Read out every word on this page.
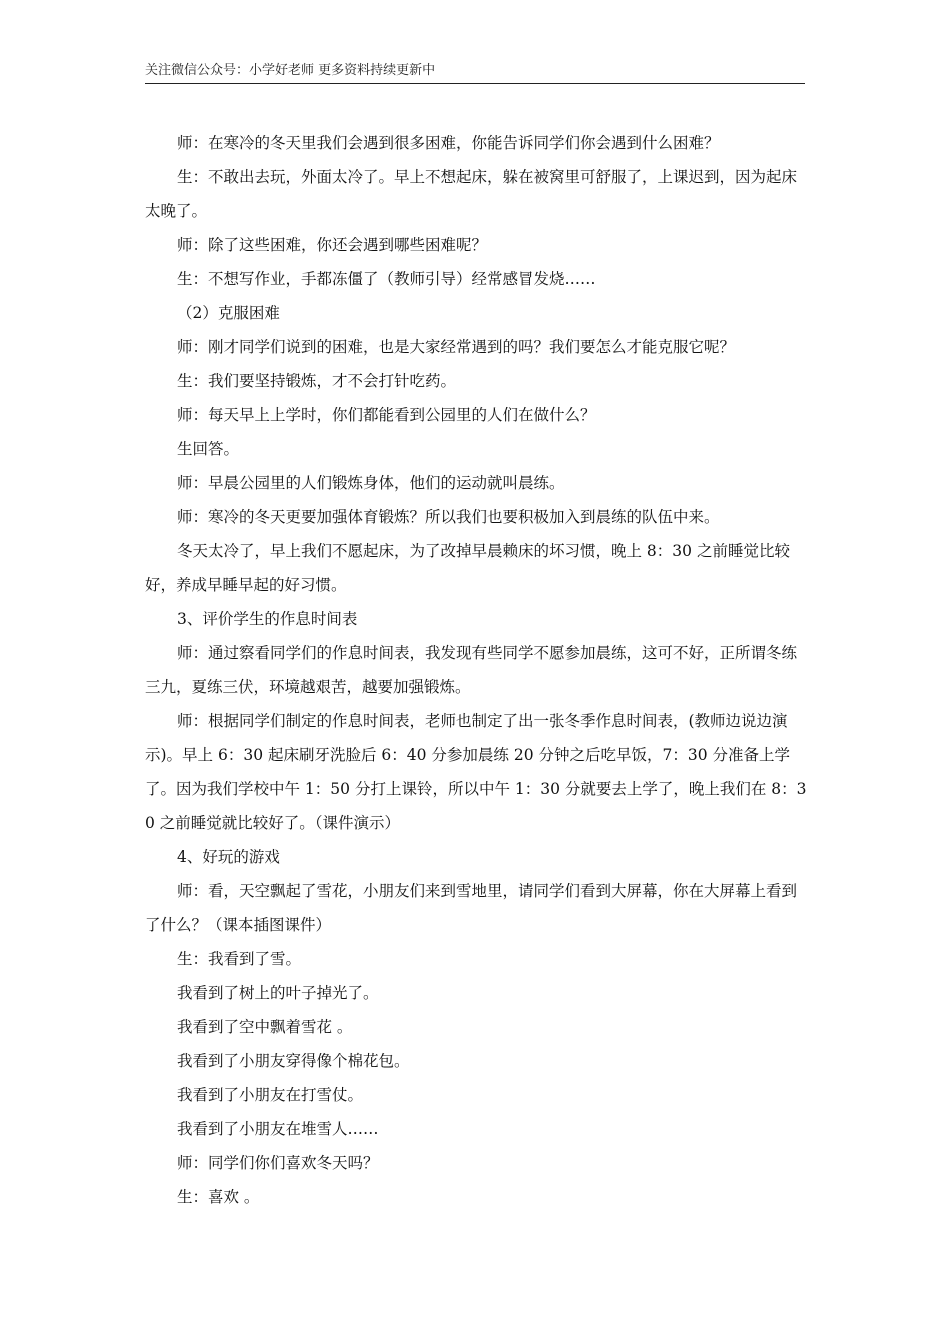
关注微信公众号：小学好老师 更多资料持续更新中

师：在寒冷的冬天里我们会遇到很多困难，你能告诉同学们你会遇到什么困难？

生：不敢出去玩，外面太冷了。早上不想起床，躲在被窝里可舒服了，上课迟到，因为起床太晚了。

师：除了这些困难，你还会遇到哪些困难呢？

生：不想写作业，手都冻僵了（教师引导）经常感冒发烧……

（2）克服困难

师：刚才同学们说到的困难，也是大家经常遇到的吗？我们要怎么才能克服它呢？

生：我们要坚持锻炼，才不会打针吃药。

师：每天早上上学时，你们都能看到公园里的人们在做什么？

生回答。

师：早晨公园里的人们锻炼身体，他们的运动就叫晨练。

师：寒冷的冬天更要加强体育锻炼？所以我们也要积极加入到晨练的队伍中来。

冬天太冷了，早上我们不愿起床，为了改掉早晨赖床的坏习惯，晚上 8：30 之前睡觉比较好，养成早睡早起的好习惯。

3、评价学生的作息时间表

师：通过察看同学们的作息时间表，我发现有些同学不愿参加晨练，这可不好，正所谓冬练三九，夏练三伏，环境越艰苦，越要加强锻炼。

师：根据同学们制定的作息时间表，老师也制定了出一张冬季作息时间表，(教师边说边演示)。早上 6：30 起床刷牙洗脸后 6：40 分参加晨练 20 分钟之后吃早饭，7：30 分准备上学了。因为我们学校中午 1：50 分打上课铃，所以中午 1：30 分就要去上学了，晚上我们在 8：30 之前睡觉就比较好了。（课件演示）

4、好玩的游戏

师：看，天空飘起了雪花，小朋友们来到雪地里，请同学们看到大屏幕，你在大屏幕上看到了什么？（课本插图课件）

生：我看到了雪。

我看到了树上的叶子掉光了。

我看到了空中飘着雪花 。

我看到了小朋友穿得像个棉花包。

我看到了小朋友在打雪仗。

我看到了小朋友在堆雪人……

师：同学们你们喜欢冬天吗？

生：喜欢 。
